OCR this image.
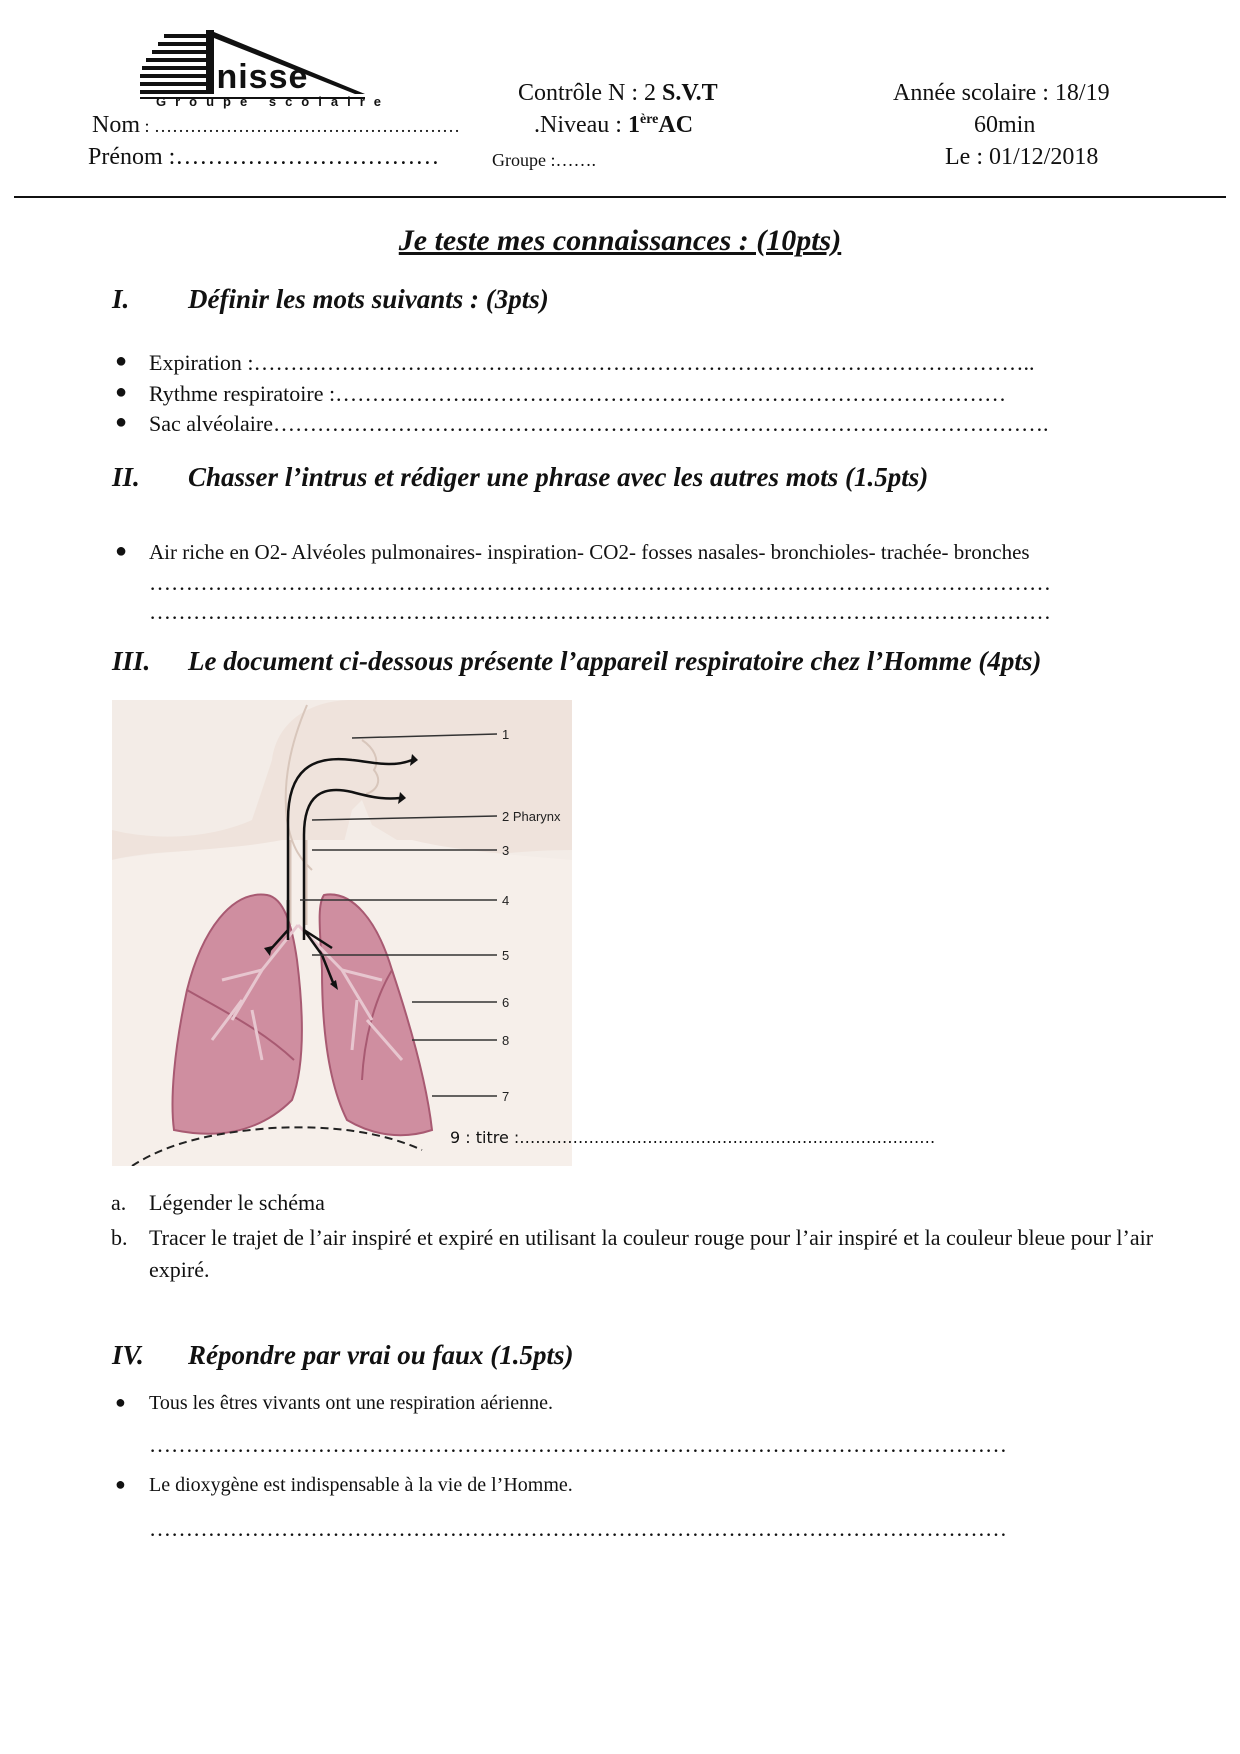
Inisse
Groupe scolaire	Contrôle N : 2 S.V.T	Année scolaire : 18/19
Nom : ……………………………………………	.Niveau : 1èreAC	60min
Prénom :……………………………	Groupe :…….	Le : 01/12/2018
Je teste mes connaissances : (10pts)
I. Définir les mots suivants : (3pts)
● Expiration :……………………………………………………………………………………………..
● Rythme respiratoire :………………..………………………………………………………………
● Sac alvéolaire…………………………………………………………………………………………….
II. Chasser l’intrus et rédiger une phrase avec les autres mots (1.5pts)
● Air riche en O2- Alvéoles pulmonaires- inspiration- CO2- fosses nasales- bronchioles- trachée- bronches
……………………………………………………………………………………………………………
……………………………………………………………………………………………………………
III. Le document ci-dessous présente l’appareil respiratoire chez l’Homme (4pts)
1
2 Pharynx
3
4
5
6
8
7
9 : titre :……………………………………………………………………
a. Légender le schéma
b. Tracer le trajet de l’air inspiré et expiré en utilisant la couleur rouge pour l’air inspiré et la couleur bleue pour l’air expiré.
IV. Répondre par vrai ou faux (1.5pts)
● Tous les êtres vivants ont une respiration aérienne.
………………………………………………………………………………………………………
● Le dioxygène est indispensable à la vie de l’Homme.
………………………………………………………………………………………………………
